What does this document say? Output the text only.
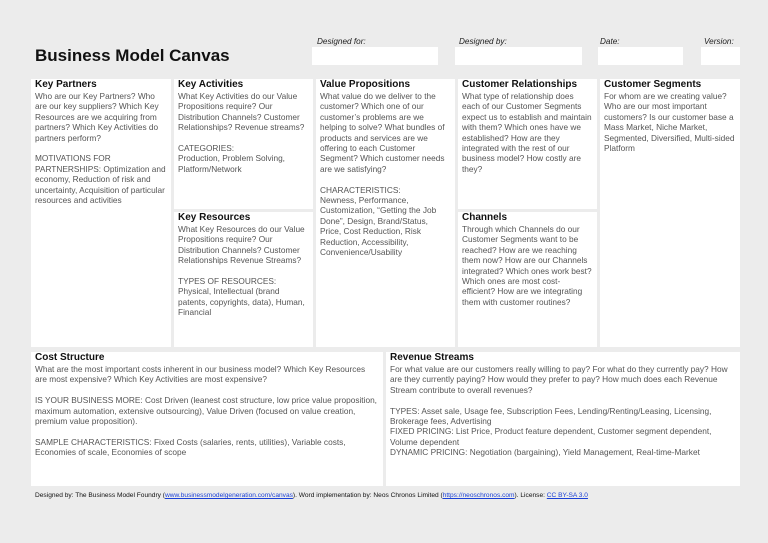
Business Model Canvas
Designed for:	Designed by:	Date:	Version:
Key Partners
Who are our Key Partners? Who are our key suppliers? Which Key Resources are we acquiring from partners? Which Key Activities do partners perform?

MOTIVATIONS FOR PARTNERSHIPS: Optimization and economy, Reduction of risk and uncertainty, Acquisition of particular resources and activities
Key Activities
What Key Activities do our Value Propositions require? Our Distribution Channels? Customer Relationships? Revenue streams?

CATEGORIES:
Production, Problem Solving, Platform/Network
Key Resources
What Key Resources do our Value Propositions require? Our Distribution Channels? Customer Relationships Revenue Streams?

TYPES OF RESOURCES:
Physical, Intellectual (brand patents, copyrights, data), Human, Financial
Value Propositions
What value do we deliver to the customer? Which one of our customer’s problems are we helping to solve? What bundles of products and services are we offering to each Customer Segment? Which customer needs are we satisfying?

CHARACTERISTICS:
Newness, Performance, Customization, “Getting the Job Done”, Design, Brand/Status, Price, Cost Reduction, Risk Reduction, Accessibility, Convenience/Usability
Customer Relationships
What type of relationship does each of our Customer Segments expect us to establish and maintain with them? Which ones have we established? How are they integrated with the rest of our business model? How costly are they?
Channels
Through which Channels do our Customer Segments want to be reached? How are we reaching them now? How are our Channels integrated? Which ones work best? Which ones are most cost-efficient? How are we integrating them with customer routines?
Customer Segments
For whom are we creating value? Who are our most important customers? Is our customer base a Mass Market, Niche Market, Segmented, Diversified, Multi-sided Platform
Cost Structure
What are the most important costs inherent in our business model? Which Key Resources are most expensive? Which Key Activities are most expensive?

IS YOUR BUSINESS MORE: Cost Driven (leanest cost structure, low price value proposition, maximum automation, extensive outsourcing), Value Driven (focused on value creation, premium value proposition).

SAMPLE CHARACTERISTICS: Fixed Costs (salaries, rents, utilities), Variable costs, Economies of scale, Economies of scope
Revenue Streams
For what value are our customers really willing to pay? For what do they currently pay? How are they currently paying? How would they prefer to pay? How much does each Revenue Stream contribute to overall revenues?

TYPES: Asset sale, Usage fee, Subscription Fees, Lending/Renting/Leasing, Licensing, Brokerage fees, Advertising
FIXED PRICING: List Price, Product feature dependent, Customer segment dependent, Volume dependent
DYNAMIC PRICING: Negotiation (bargaining), Yield Management, Real-time-Market
Designed by: The Business Model Foundry (www.businessmodelgeneration.com/canvas). Word implementation by: Neos Chronos Limited (https://neoschronos.com). License: CC BY-SA 3.0
